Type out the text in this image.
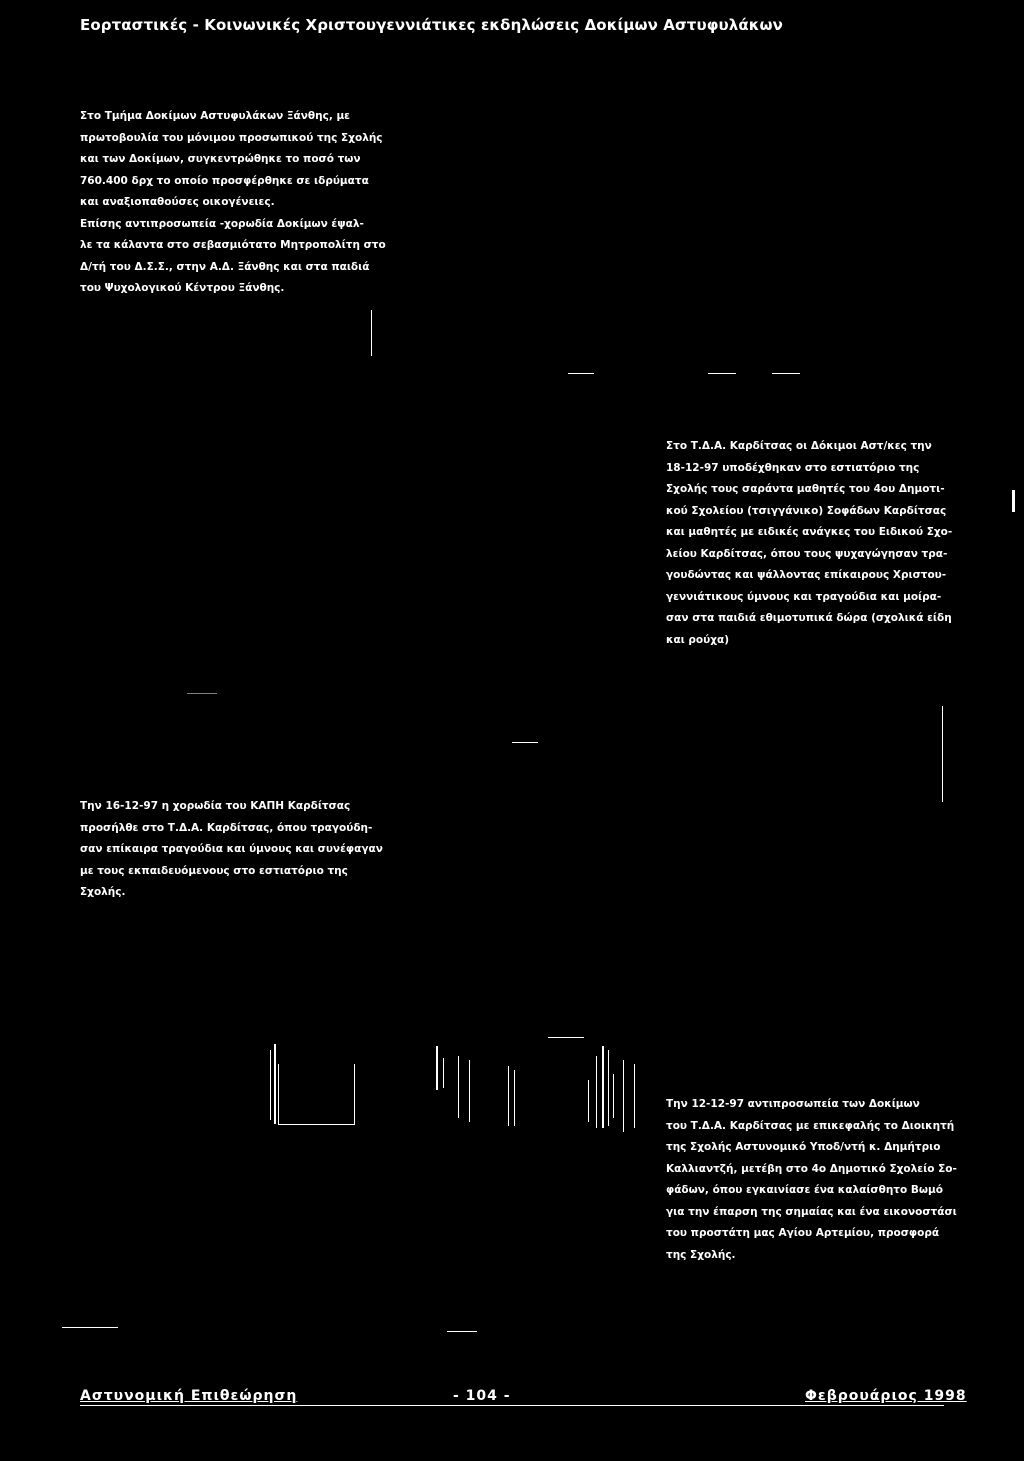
Εορταστικές - Κοινωνικές Χριστουγεννιάτικες εκδηλώσεις Δοκίμων Αστυφυλάκων
Στο Τμήμα Δοκίμων Αστυφυλάκων Ξάνθης, με
πρωτοβουλία του μόνιμου προσωπικού της Σχολής
και των Δοκίμων, συγκεντρώθηκε το ποσό των
760.400 δρχ το οποίο προσφέρθηκε σε ιδρύματα
και αναξιοπαθούσες οικογένειες.
Επίσης αντιπροσωπεία -χορωδία Δοκίμων έψαλ-
λε τα κάλαντα στο σεβασμιότατο Μητροπολίτη στο
Δ/τή του Δ.Σ.Σ., στην Α.Δ. Ξάνθης και στα παιδιά
του Ψυχολογικού Κέντρου Ξάνθης.
Στο Τ.Δ.Α. Καρδίτσας οι Δόκιμοι Αστ/κες την
18-12-97 υποδέχθηκαν στο εστιατόριο της
Σχολής τους σαράντα μαθητές του 4ου Δημοτι-
κού Σχολείου (τσιγγάνικο) Σοφάδων Καρδίτσας
και μαθητές με ειδικές ανάγκες του Ειδικού Σχο-
λείου Καρδίτσας, όπου τους ψυχαγώγησαν τρα-
γουδώντας και ψάλλοντας επίκαιρους Χριστου-
γεννιάτικους ύμνους και τραγούδια και μοίρα-
σαν στα παιδιά εθιμοτυπικά δώρα (σχολικά είδη
και ρούχα)
Την 16-12-97 η χορωδία του ΚΑΠΗ Καρδίτσας
προσήλθε στο Τ.Δ.Α. Καρδίτσας, όπου τραγούδη-
σαν επίκαιρα τραγούδια και ύμνους και συνέφαγαν
με τους εκπαιδευόμενους στο εστιατόριο της
Σχολής.
Την 12-12-97 αντιπροσωπεία των Δοκίμων
του Τ.Δ.Α. Καρδίτσας με επικεφαλής το Διοικητή
της Σχολής Αστυνομικό Υποδ/ντή κ. Δημήτριο
Καλλιαντζή, μετέβη στο 4ο Δημοτικό Σχολείο Σο-
φάδων, όπου εγκαινίασε ένα καλαίσθητο Βωμό
για την έπαρση της σημαίας και ένα εικονοστάσι
του προστάτη μας Αγίου Αρτεμίου, προσφορά
της Σχολής.
Αστυνομική Επιθεώρηση	- 104 -	Φεβρουάριος 1998
